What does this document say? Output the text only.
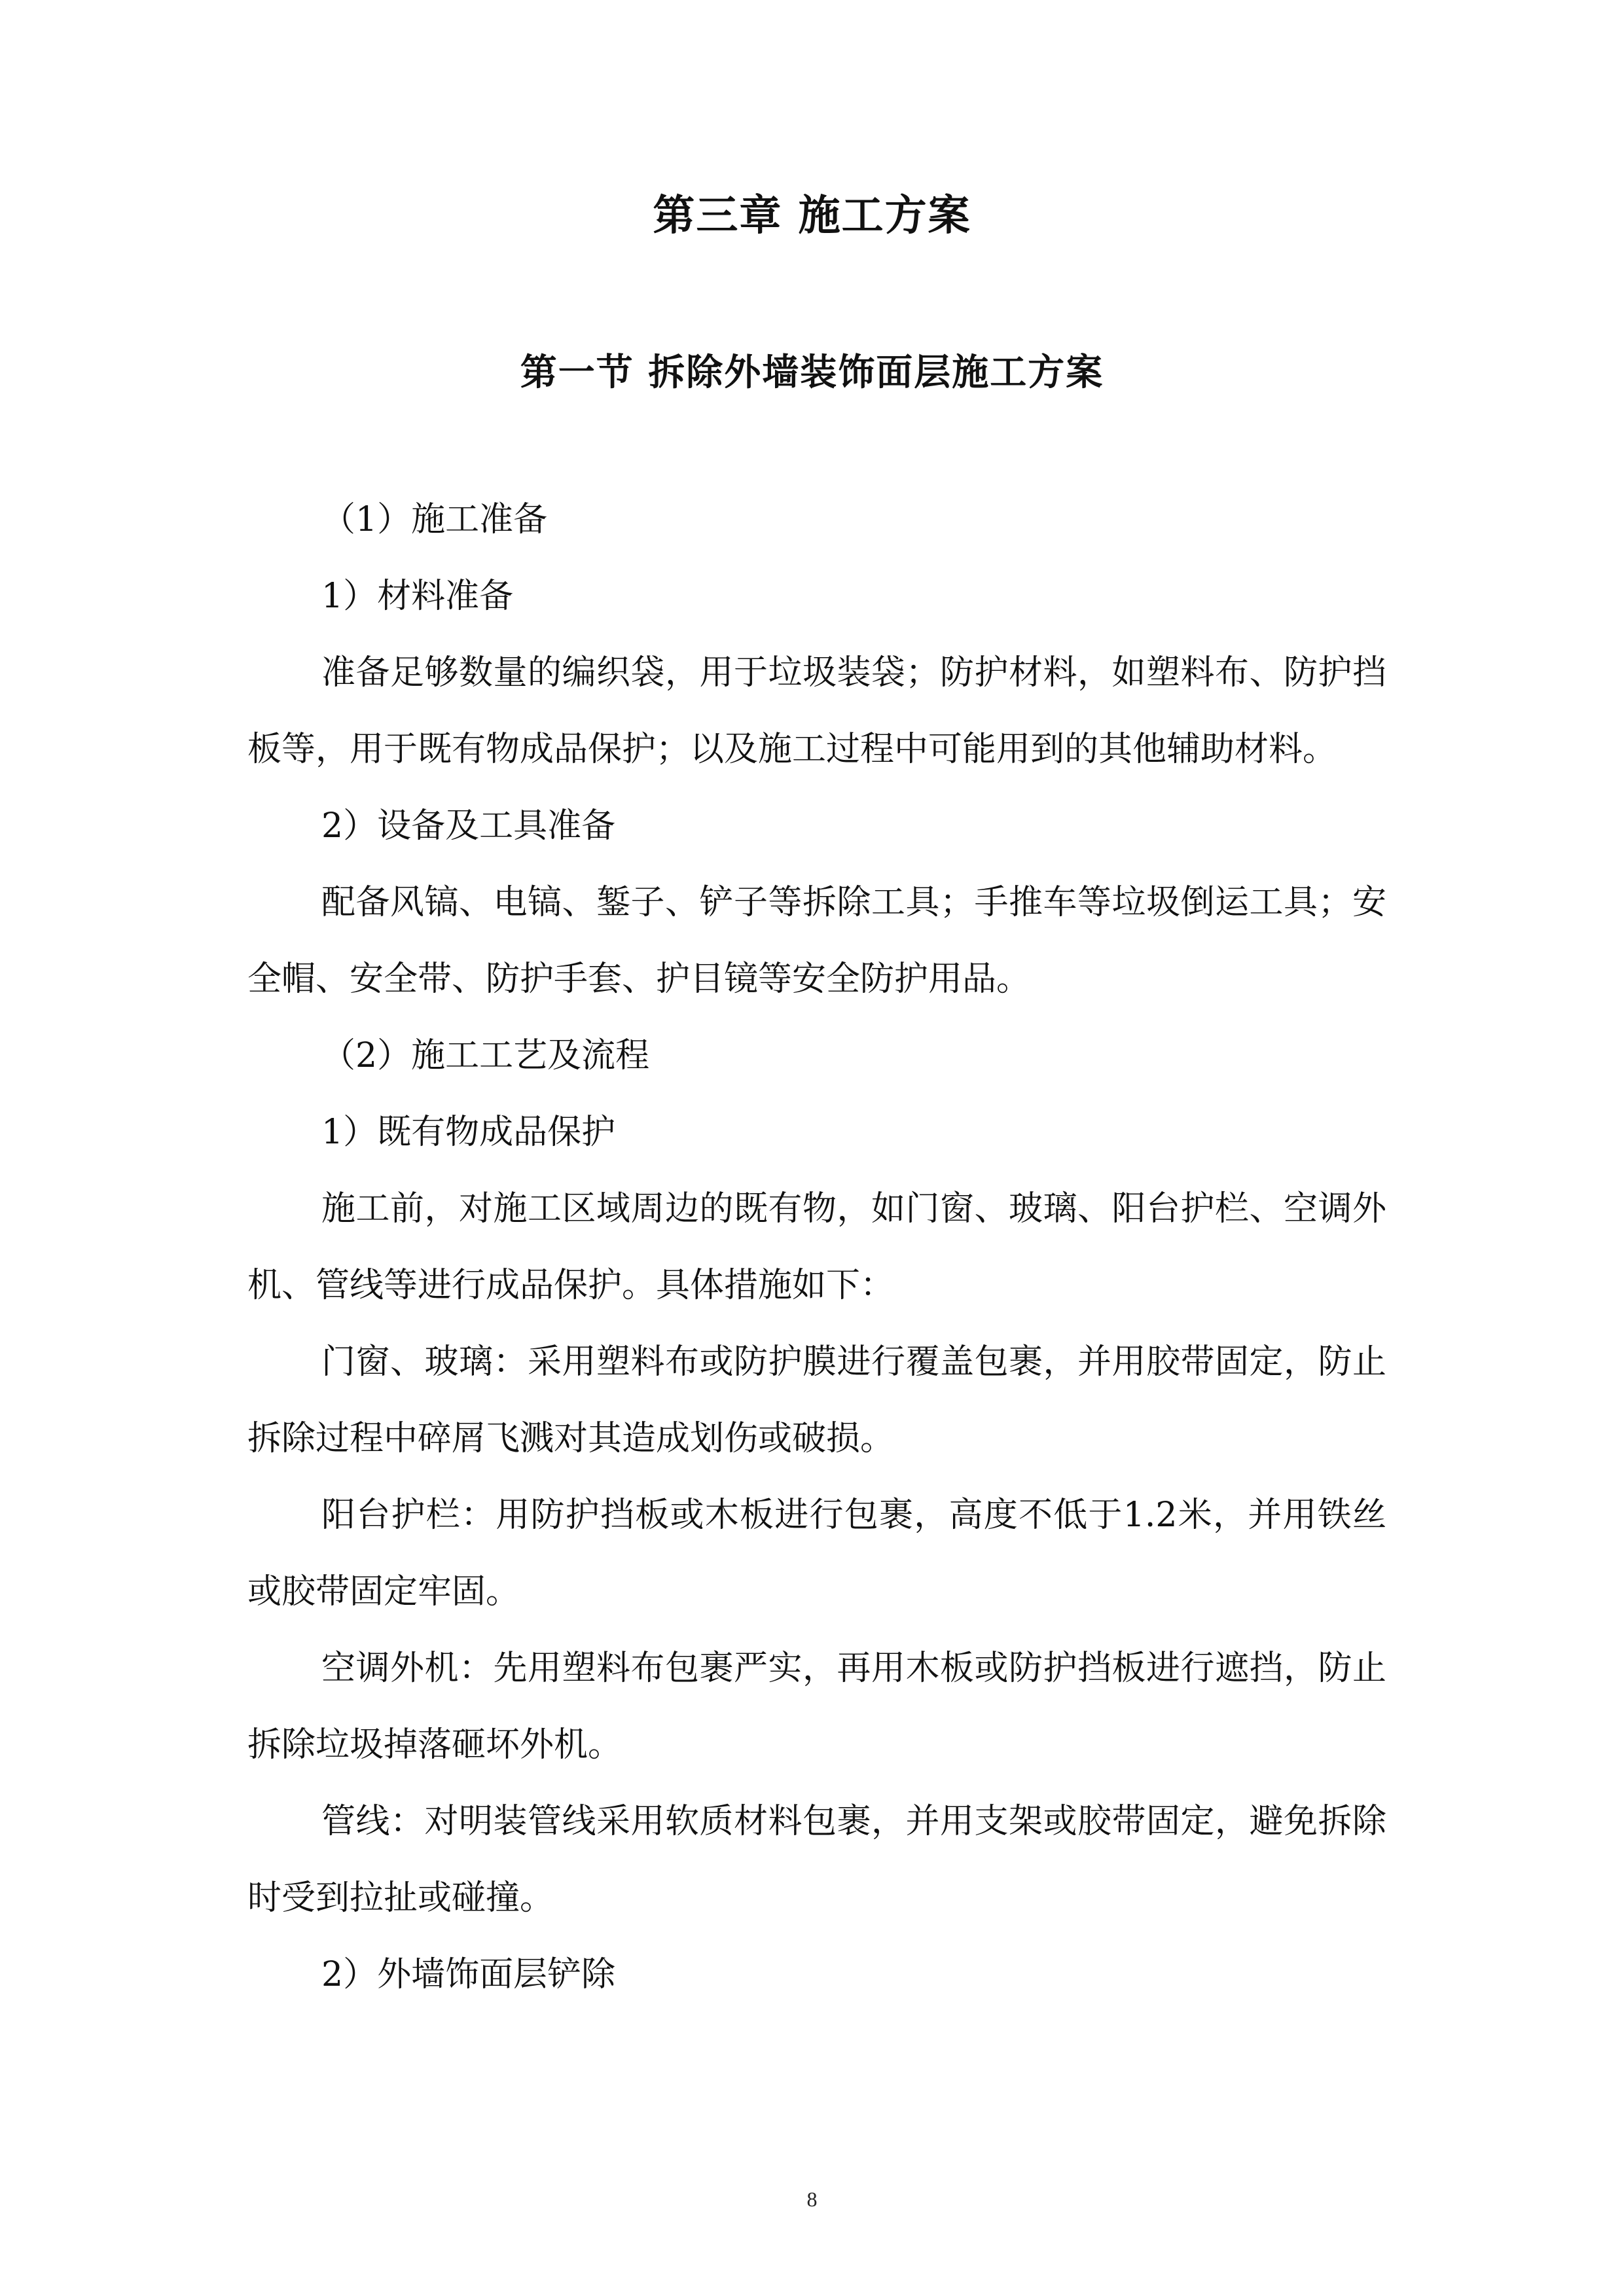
第三章 施工方案
第一节 拆除外墙装饰面层施工方案

（1）施工准备

1）材料准备

准备足够数量的编织袋，用于垃圾装袋；防护材料，如塑料布、防护挡板等，用于既有物成品保护；以及施工过程中可能用到的其他辅助材料。

2）设备及工具准备

配备风镐、电镐、錾子、铲子等拆除工具；手推车等垃圾倒运工具；安全帽、安全带、防护手套、护目镜等安全防护用品。

（2）施工工艺及流程

1）既有物成品保护

施工前，对施工区域周边的既有物，如门窗、玻璃、阳台护栏、空调外机、管线等进行成品保护。具体措施如下：

门窗、玻璃：采用塑料布或防护膜进行覆盖包裹，并用胶带固定，防止拆除过程中碎屑飞溅对其造成划伤或破损。

阳台护栏：用防护挡板或木板进行包裹，高度不低于1.2米，并用铁丝或胶带固定牢固。

空调外机：先用塑料布包裹严实，再用木板或防护挡板进行遮挡，防止拆除垃圾掉落砸坏外机。

管线：对明装管线采用软质材料包裹，并用支架或胶带固定，避免拆除时受到拉扯或碰撞。

2）外墙饰面层铲除

8
